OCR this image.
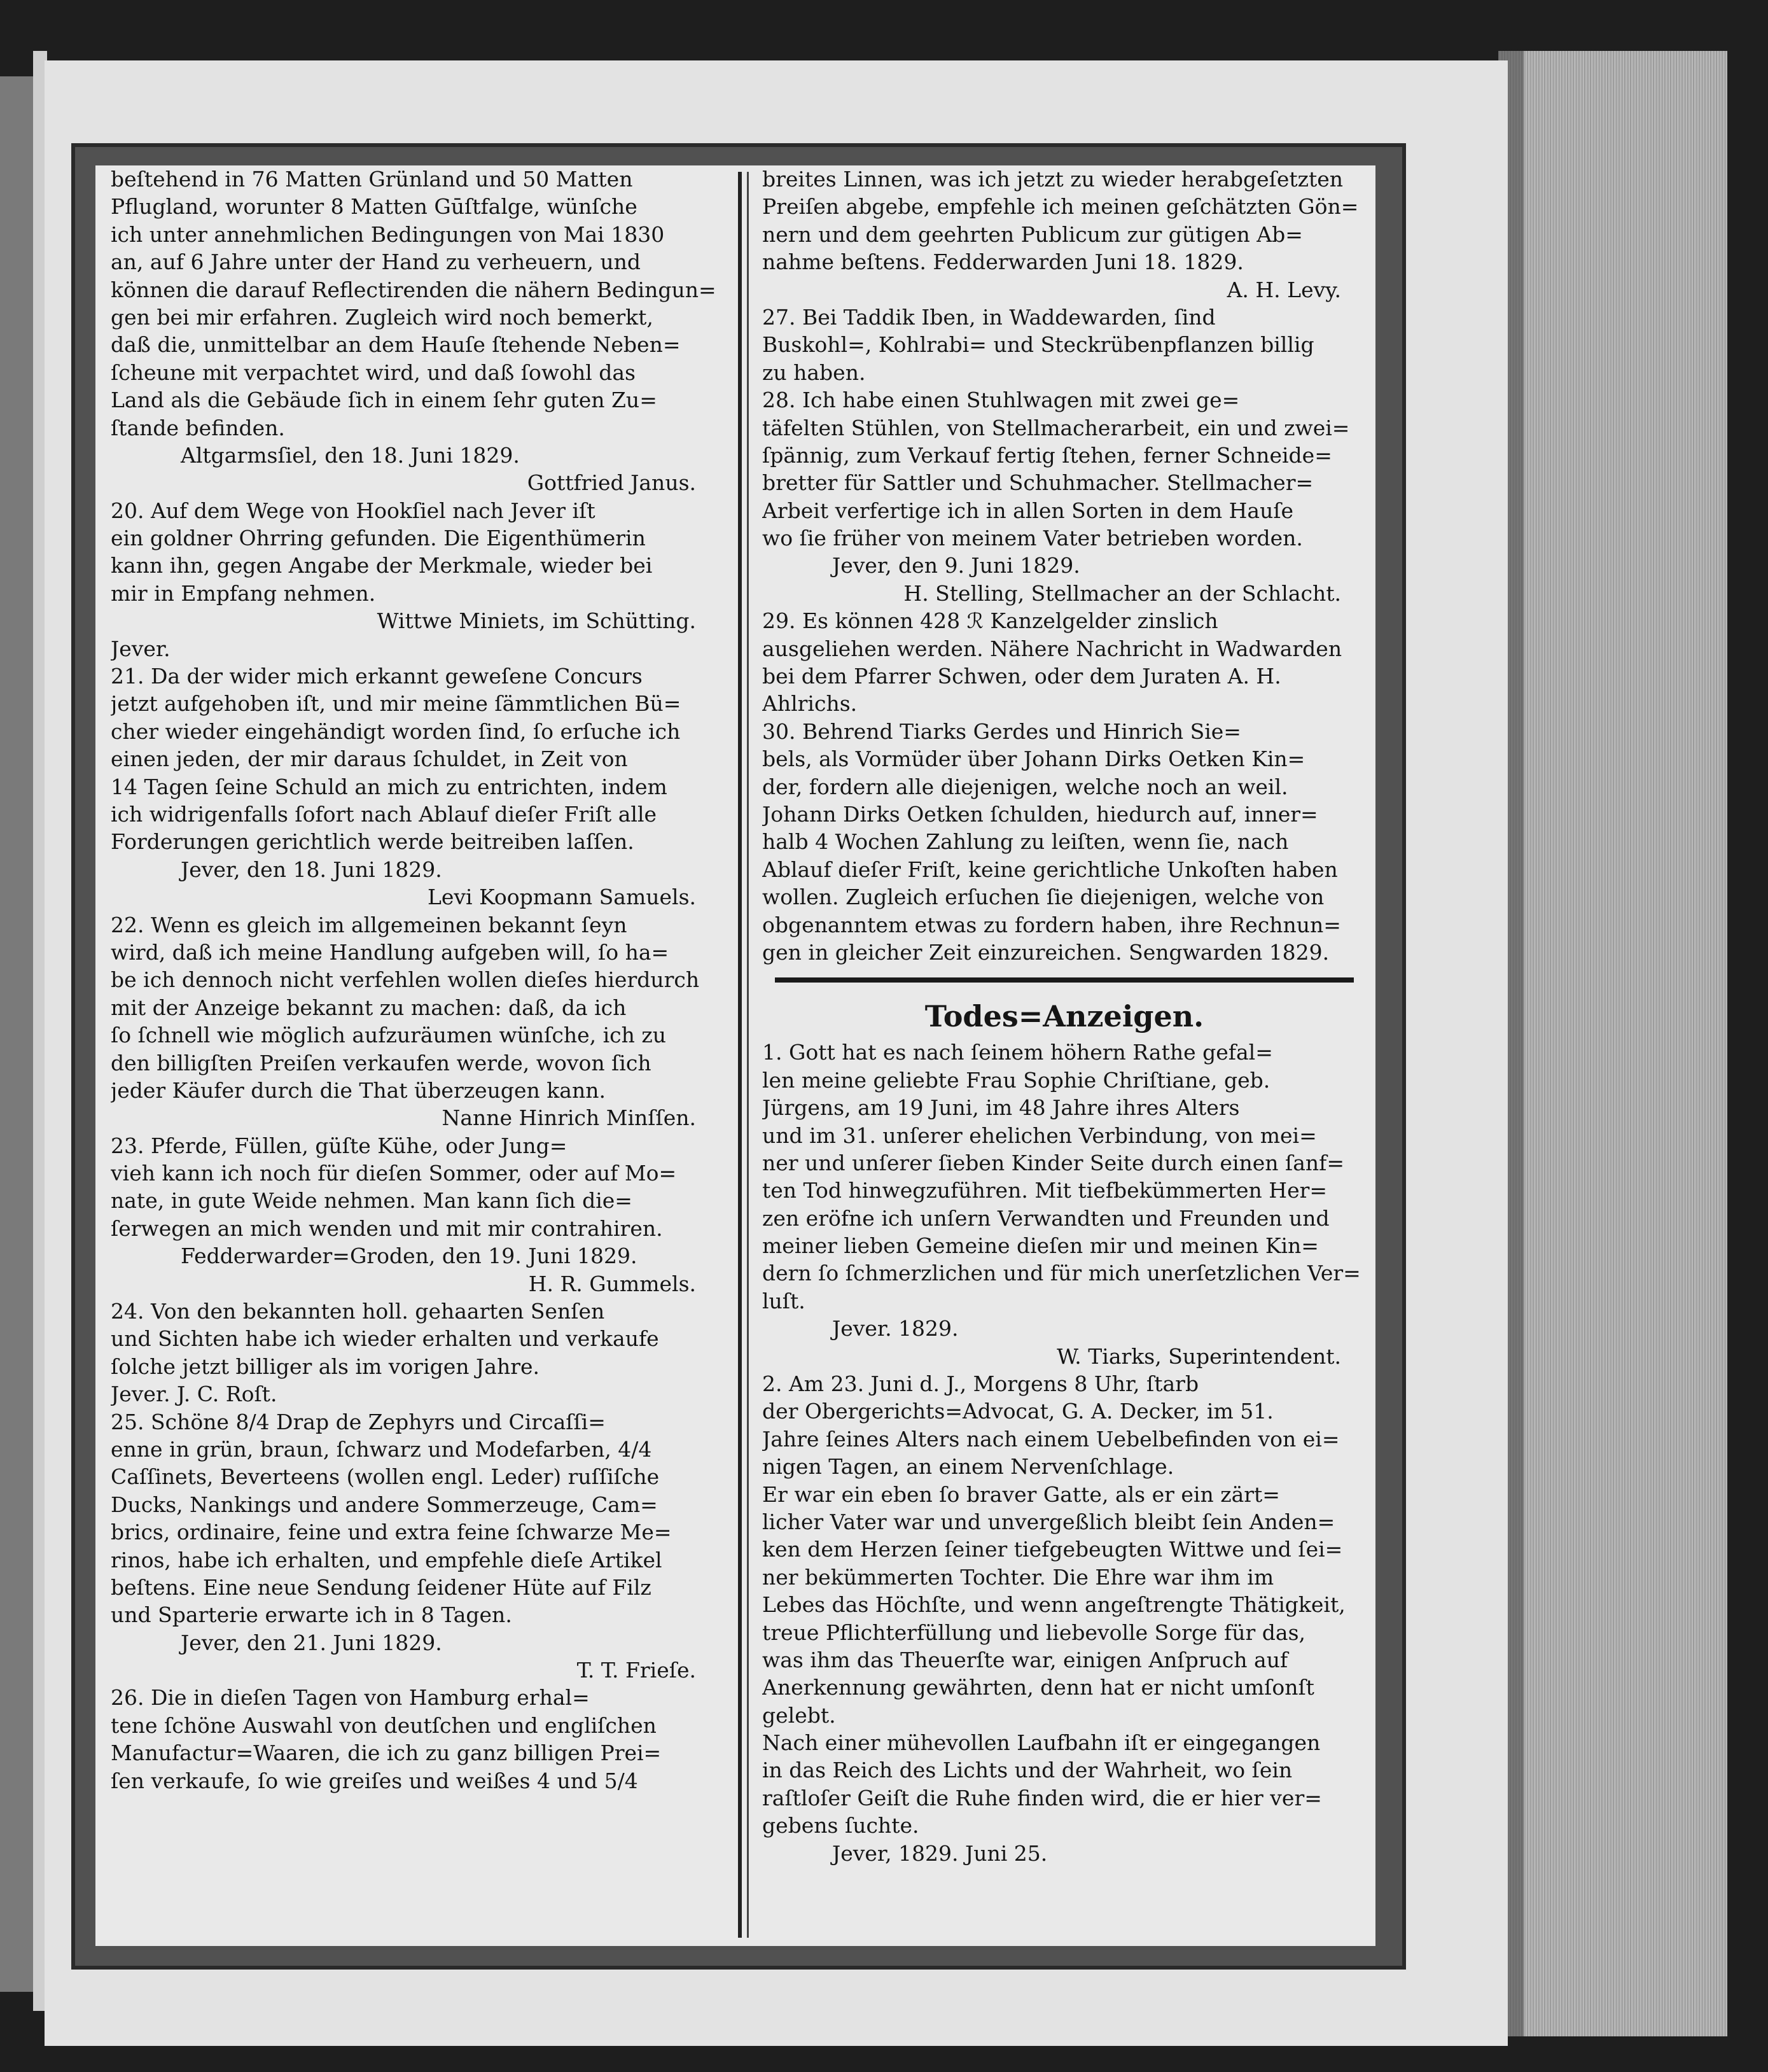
beſtehend in 76 Matten Grünland und 50 Matten

Pflugland, worunter 8 Matten Gūſtfalge, wünſche

ich unter annehmlichen Bedingungen von Mai 1830

an, auf 6 Jahre unter der Hand zu verheuern, und

können die darauf Reflectirenden die nähern Bedingun=

gen bei mir erfahren. Zugleich wird noch bemerkt,

daß die, unmittelbar an dem Hauſe ſtehende Neben=

ſcheune mit verpachtet wird, und daß ſowohl das

Land als die Gebäude ſich in einem ſehr guten Zu=

ſtande befinden.

Altgarmsſiel, den 18. Juni 1829.

Gottfried Janus.

20. Auf dem Wege von Hookſiel nach Jever iſt

ein goldner Ohrring gefunden. Die Eigenthümerin

kann ihn, gegen Angabe der Merkmale, wieder bei

mir in Empfang nehmen.

Wittwe Miniets, im Schütting.

Jever.

21. Da der wider mich erkannt geweſene Concurs

jetzt aufgehoben iſt, und mir meine ſämmtlichen Bü=

cher wieder eingehändigt worden ſind, ſo erſuche ich

einen jeden, der mir daraus ſchuldet, in Zeit von

14 Tagen ſeine Schuld an mich zu entrichten, indem

ich widrigenfalls ſofort nach Ablauf dieſer Friſt alle

Forderungen gerichtlich werde beitreiben laſſen.

Jever, den 18. Juni 1829.

Levi Koopmann Samuels.

22. Wenn es gleich im allgemeinen bekannt ſeyn

wird, daß ich meine Handlung aufgeben will, ſo ha=

be ich dennoch nicht verfehlen wollen dieſes hierdurch

mit der Anzeige bekannt zu machen: daß, da ich

ſo ſchnell wie möglich aufzuräumen wünſche, ich zu

den billigſten Preiſen verkaufen werde, wovon ſich

jeder Käufer durch die That überzeugen kann.

Nanne Hinrich Minſſen.

23. Pferde, Füllen, güſte Kühe, oder Jung=

vieh kann ich noch für dieſen Sommer, oder auf Mo=

nate, in gute Weide nehmen. Man kann ſich die=

ſerwegen an mich wenden und mit mir contrahiren.

Fedderwarder=Groden, den 19. Juni 1829.

H. R. Gummels.

24. Von den bekannten holl. gehaarten Senſen

und Sichten habe ich wieder erhalten und verkaufe

ſolche jetzt billiger als im vorigen Jahre.

Jever. J. C. Roſt.

25. Schöne 8/4 Drap de Zephyrs und Circaſſi=

enne in grün, braun, ſchwarz und Modefarben, 4/4

Caſſinets, Beverteens (wollen engl. Leder) ruſſiſche

Ducks, Nankings und andere Sommerzeuge, Cam=

brics, ordinaire, feine und extra feine ſchwarze Me=

rinos, habe ich erhalten, und empfehle dieſe Artikel

beſtens. Eine neue Sendung ſeidener Hüte auf Filz

und Sparterie erwarte ich in 8 Tagen.

Jever, den 21. Juni 1829.

T. T. Frieſe.

26. Die in dieſen Tagen von Hamburg erhal=

tene ſchöne Auswahl von deutſchen und engliſchen

Manufactur=Waaren, die ich zu ganz billigen Prei=

ſen verkaufe, ſo wie greiſes und weißes 4 und 5/4

breites Linnen, was ich jetzt zu wieder herabgeſetzten

Preiſen abgebe, empfehle ich meinen geſchätzten Gön=

nern und dem geehrten Publicum zur gütigen Ab=

nahme beſtens. Fedderwarden Juni 18. 1829.

A. H. Levy.

27. Bei Taddik Iben, in Waddewarden, ſind

Buskohl=, Kohlrabi= und Steckrübenpflanzen billig

zu haben.

28. Ich habe einen Stuhlwagen mit zwei ge=

täfelten Stühlen, von Stellmacherarbeit, ein und zwei=

ſpännig, zum Verkauf fertig ſtehen, ferner Schneide=

bretter für Sattler und Schuhmacher. Stellmacher=

Arbeit verfertige ich in allen Sorten in dem Hauſe

wo ſie früher von meinem Vater betrieben worden.

Jever, den 9. Juni 1829.

H. Stelling, Stellmacher an der Schlacht.

29. Es können 428 ℛ Kanzelgelder zinslich

ausgeliehen werden. Nähere Nachricht in Wadwarden

bei dem Pfarrer Schwen, oder dem Juraten A. H.

Ahlrichs.

30. Behrend Tiarks Gerdes und Hinrich Sie=

bels, als Vormüder über Johann Dirks Oetken Kin=

der, fordern alle diejenigen, welche noch an weil.

Johann Dirks Oetken ſchulden, hiedurch auf, inner=

halb 4 Wochen Zahlung zu leiſten, wenn ſie, nach

Ablauf dieſer Friſt, keine gerichtliche Unkoſten haben

wollen. Zugleich erſuchen ſie diejenigen, welche von

obgenanntem etwas zu fordern haben, ihre Rechnun=

gen in gleicher Zeit einzureichen. Sengwarden 1829.

Todes=Anzeigen.

1. Gott hat es nach ſeinem höhern Rathe gefal=

len meine geliebte Frau Sophie Chriſtiane, geb.

Jürgens, am 19 Juni, im 48 Jahre ihres Alters

und im 31. unſerer ehelichen Verbindung, von mei=

ner und unſerer ſieben Kinder Seite durch einen ſanf=

ten Tod hinwegzuführen. Mit tiefbekümmerten Her=

zen eröfne ich unſern Verwandten und Freunden und

meiner lieben Gemeine dieſen mir und meinen Kin=

dern ſo ſchmerzlichen und für mich unerſetzlichen Ver=

luſt.

Jever. 1829.

W. Tiarks, Superintendent.

2. Am 23. Juni d. J., Morgens 8 Uhr, ſtarb

der Obergerichts=Advocat, G. A. Decker, im 51.

Jahre ſeines Alters nach einem Uebelbefinden von ei=

nigen Tagen, an einem Nervenſchlage.

Er war ein eben ſo braver Gatte, als er ein zärt=

licher Vater war und unvergeßlich bleibt ſein Anden=

ken dem Herzen ſeiner tiefgebeugten Wittwe und ſei=

ner bekümmerten Tochter. Die Ehre war ihm im

Lebes das Höchſte, und wenn angeſtrengte Thätigkeit,

treue Pflichterfüllung und liebevolle Sorge für das,

was ihm das Theuerſte war, einigen Anſpruch auf

Anerkennung gewährten, denn hat er nicht umſonſt

gelebt.

Nach einer mühevollen Laufbahn iſt er eingegangen

in das Reich des Lichts und der Wahrheit, wo ſein

raſtloſer Geiſt die Ruhe finden wird, die er hier ver=

gebens ſuchte.

Jever, 1829. Juni 25.
